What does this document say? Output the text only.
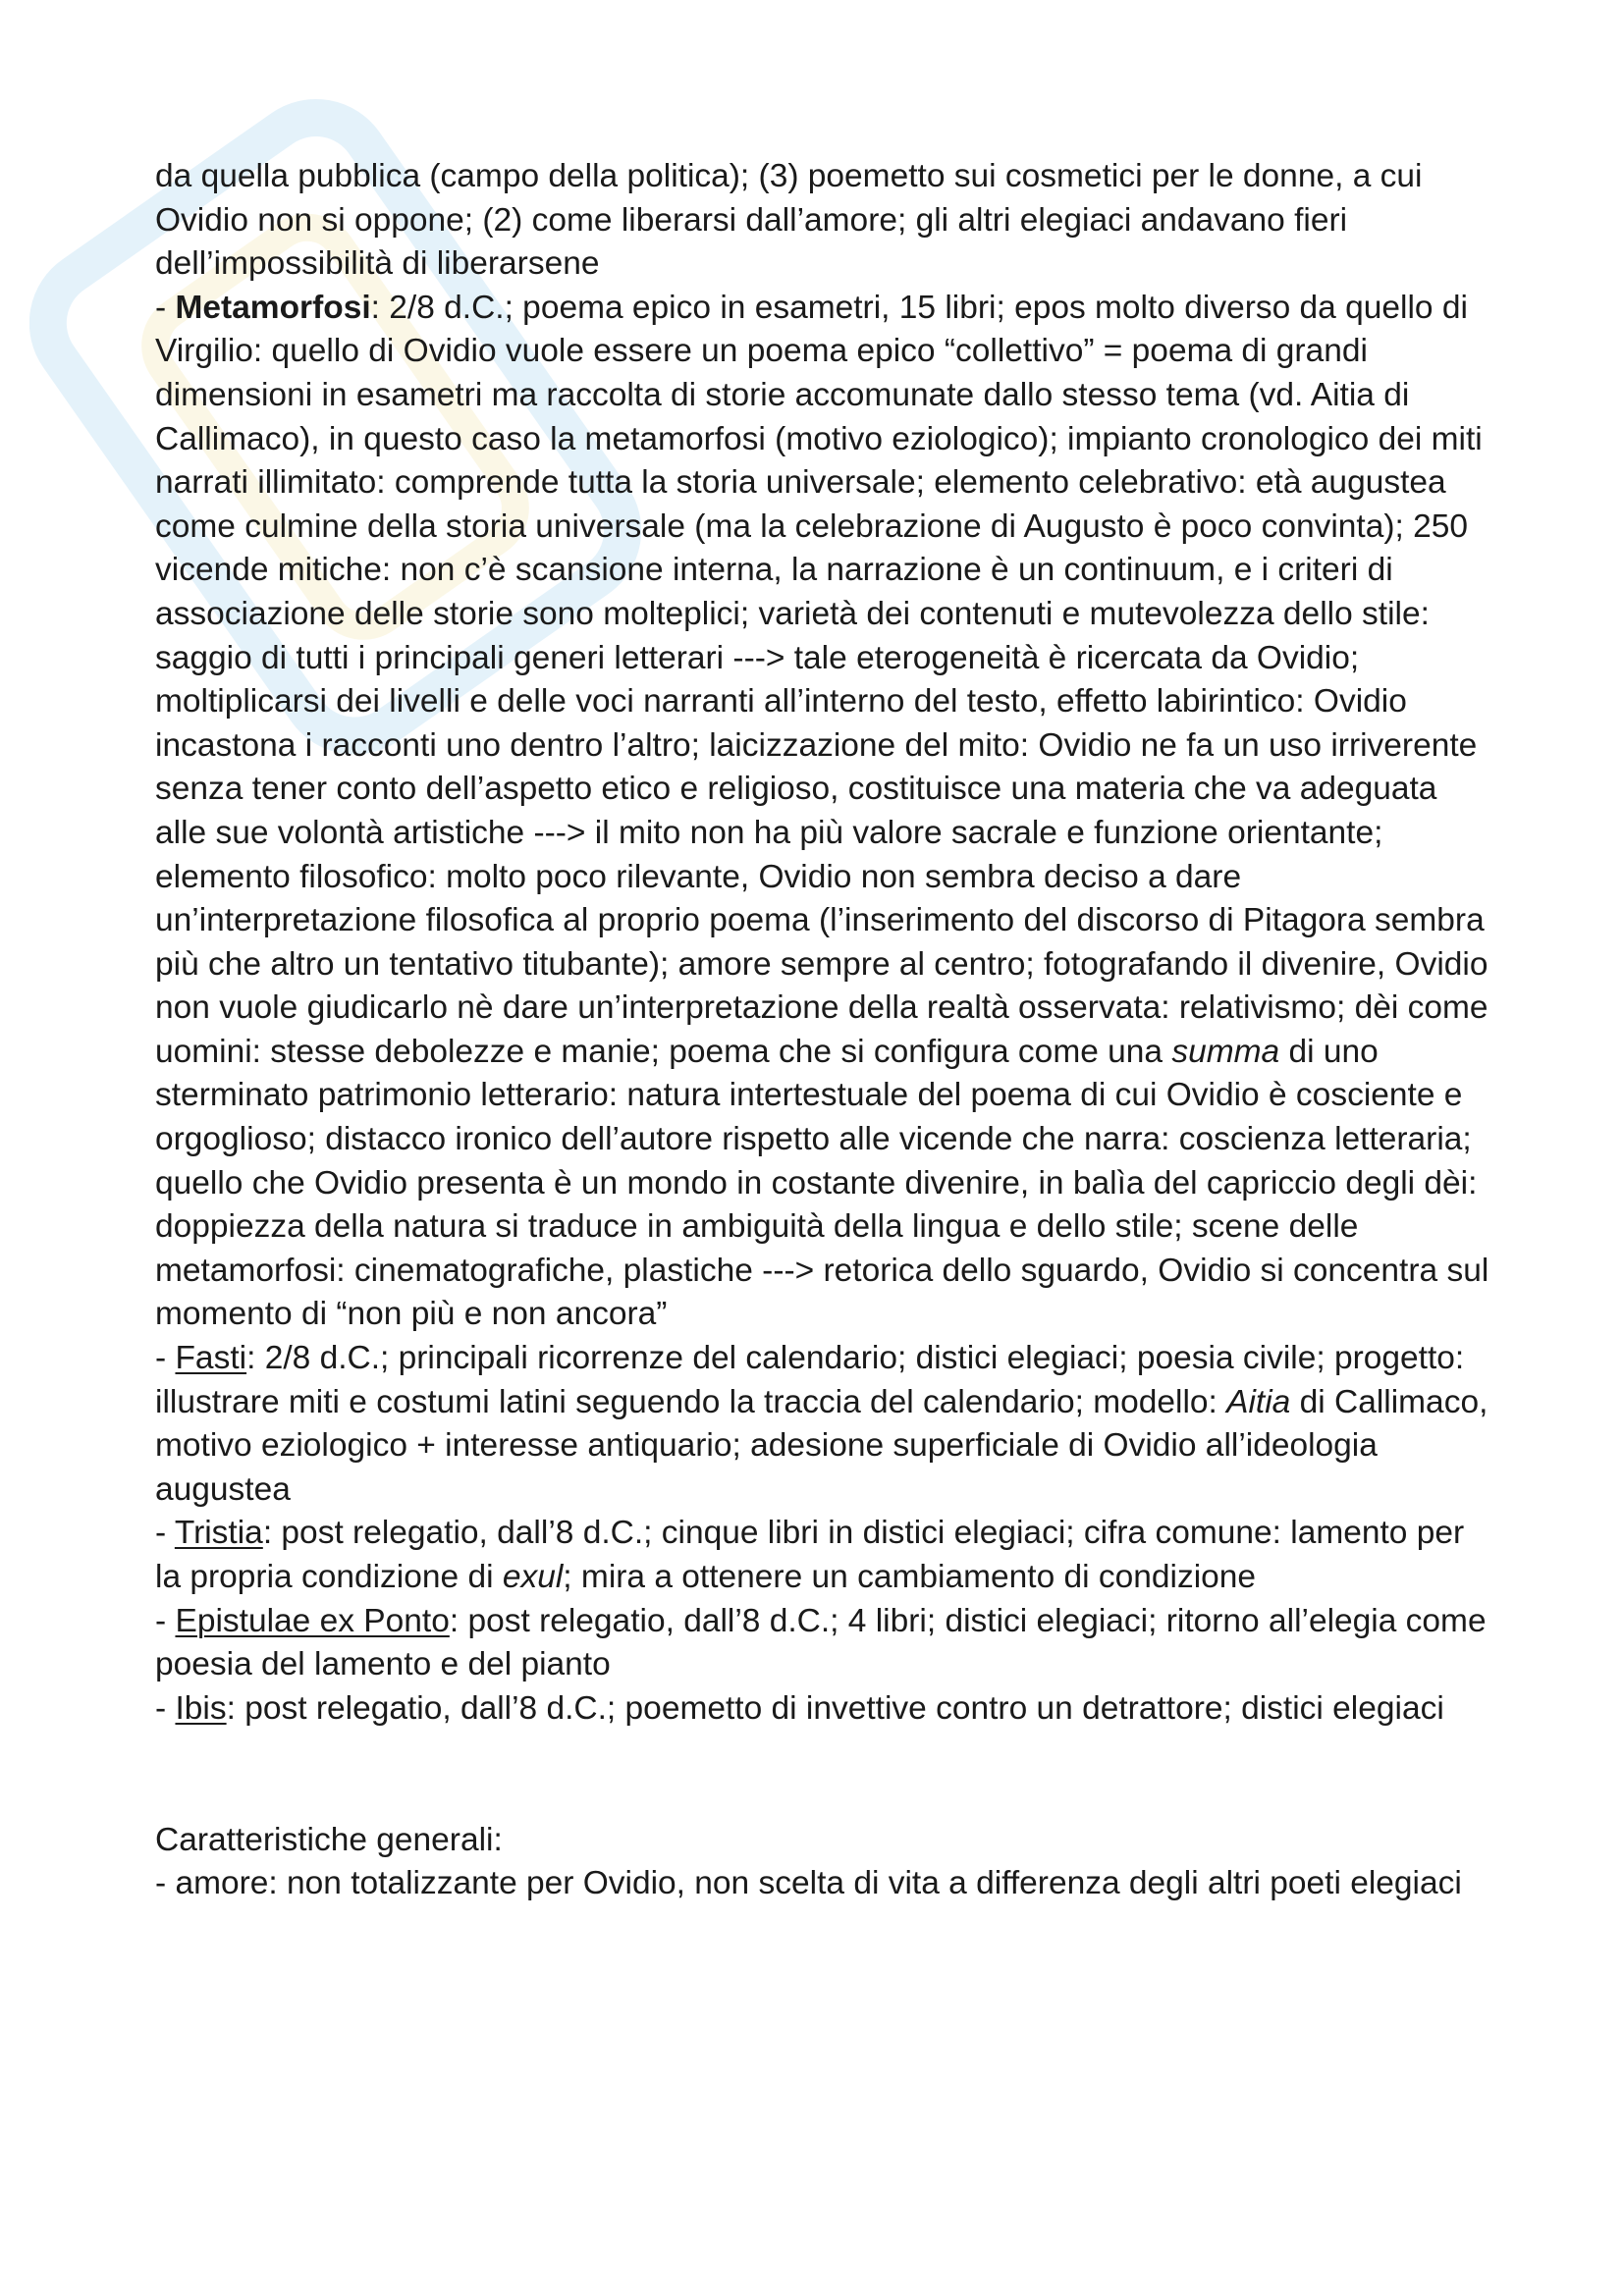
da quella pubblica (campo della politica); (3) poemetto sui cosmetici per le donne, a cui Ovidio non si oppone; (2) come liberarsi dall’amore; gli altri elegiaci andavano fieri dell’impossibilità di liberarsene

- Metamorfosi: 2/8 d.C.; poema epico in esametri, 15 libri; epos molto diverso da quello di Virgilio: quello di Ovidio vuole essere un poema epico “collettivo” = poema di grandi dimensioni in esametri ma raccolta di storie accomunate dallo stesso tema (vd. Aitia di Callimaco), in questo caso la metamorfosi (motivo eziologico); impianto cronologico dei miti narrati illimitato: comprende tutta la storia universale; elemento celebrativo: età augustea come culmine della storia universale (ma la celebrazione di Augusto è poco convinta); 250 vicende mitiche: non c’è scansione interna, la narrazione è un continuum, e i criteri di associazione delle storie sono molteplici; varietà dei contenuti e mutevolezza dello stile: saggio di tutti i principali generi letterari ---> tale eterogeneità è ricercata da Ovidio; moltiplicarsi dei livelli e delle voci narranti all’interno del testo, effetto labirintico: Ovidio incastona i racconti uno dentro l’altro; laicizzazione del mito: Ovidio ne fa un uso irriverente senza tener conto dell’aspetto etico e religioso, costituisce una materia che va adeguata alle sue volontà artistiche ---> il mito non ha più valore sacrale e funzione orientante; elemento filosofico: molto poco rilevante, Ovidio non sembra deciso a dare un’interpretazione filosofica al proprio poema (l’inserimento del discorso di Pitagora sembra più che altro un tentativo titubante); amore sempre al centro; fotografando il divenire, Ovidio non vuole giudicarlo nè dare un’interpretazione della realtà osservata: relativismo; dèi come uomini: stesse debolezze e manie; poema che si configura come una summa di uno sterminato patrimonio letterario: natura intertestuale del poema di cui Ovidio è cosciente e orgoglioso; distacco ironico dell’autore rispetto alle vicende che narra: coscienza letteraria; quello che Ovidio presenta è un mondo in costante divenire, in balìa del capriccio degli dèi: doppiezza della natura si traduce in ambiguità della lingua e dello stile; scene delle metamorfosi: cinematografiche, plastiche ---> retorica dello sguardo, Ovidio si concentra sul momento di “non più e non ancora”

- Fasti: 2/8 d.C.; principali ricorrenze del calendario; distici elegiaci; poesia civile; progetto: illustrare miti e costumi latini seguendo la traccia del calendario; modello: Aitia di Callimaco, motivo eziologico + interesse antiquario; adesione superficiale di Ovidio all’ideologia augustea

- Tristia: post relegatio, dall’8 d.C.; cinque libri in distici elegiaci; cifra comune: lamento per la propria condizione di exul; mira a ottenere un cambiamento di condizione

- Epistulae ex Ponto: post relegatio, dall’8 d.C.; 4 libri; distici elegiaci; ritorno all’elegia come poesia del lamento e del pianto

- Ibis: post relegatio, dall’8 d.C.; poemetto di invettive contro un detrattore; distici elegiaci

Caratteristiche generali:

- amore: non totalizzante per Ovidio, non scelta di vita a differenza degli altri poeti elegiaci
